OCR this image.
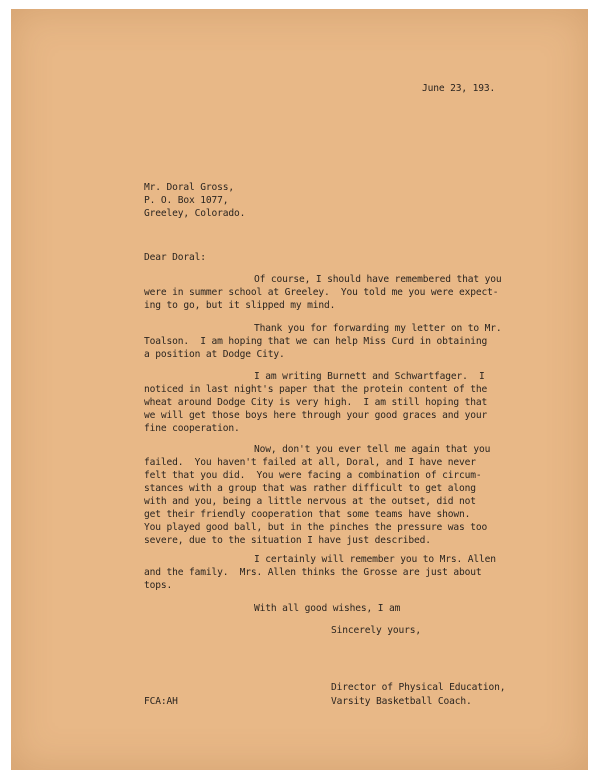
June 23, 193.
Mr. Doral Gross,
P. O. Box 1077,
Greeley, Colorado.
Dear Doral:
Of course, I should have remembered that you
were in summer school at Greeley.  You told me you were expect-
ing to go, but it slipped my mind.
Thank you for forwarding my letter on to Mr.
Toalson.  I am hoping that we can help Miss Curd in obtaining
a position at Dodge City.
I am writing Burnett and Schwartfager.  I
noticed in last night's paper that the protein content of the
wheat around Dodge City is very high.  I am still hoping that
we will get those boys here through your good graces and your
fine cooperation.
Now, don't you ever tell me again that you
failed.  You haven't failed at all, Doral, and I have never
felt that you did.  You were facing a combination of circum-
stances with a group that was rather difficult to get along
with and you, being a little nervous at the outset, did not
get their friendly cooperation that some teams have shown.
You played good ball, but in the pinches the pressure was too
severe, due to the situation I have just described.
I certainly will remember you to Mrs. Allen
and the family.  Mrs. Allen thinks the Grosse are just about
tops.
With all good wishes, I am
Sincerely yours,
Director of Physical Education,
Varsity Basketball Coach.
FCA:AH
